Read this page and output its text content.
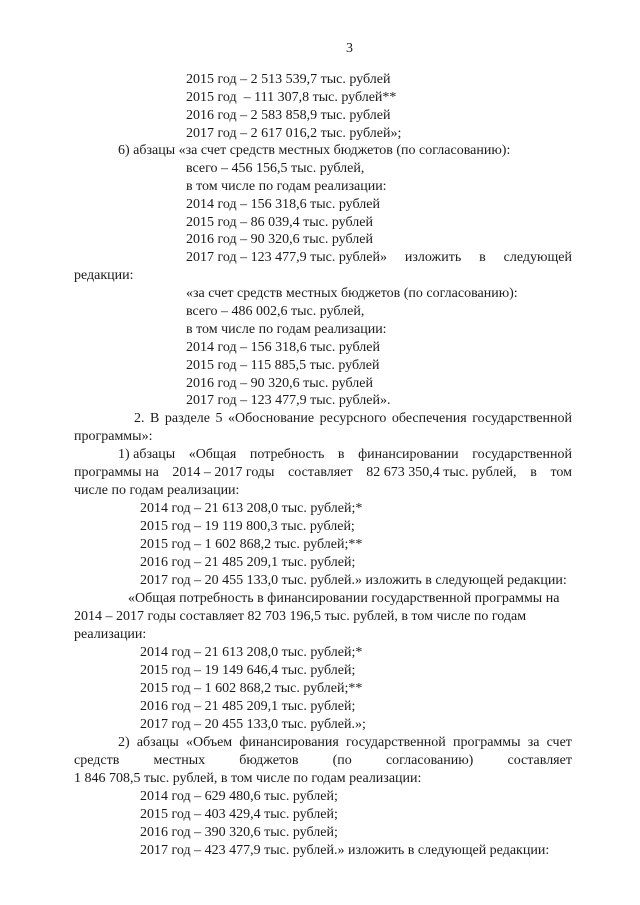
3
2015 год – 2 513 539,7 тыс. рублей
2015 год  – 111 307,8 тыс. рублей**
2016 год – 2 583 858,9 тыс. рублей
2017 год – 2 617 016,2 тыс. рублей»;
6) абзацы «за счет средств местных бюджетов (по согласованию):
всего – 456 156,5 тыс. рублей,
в том числе по годам реализации:
2014 год – 156 318,6 тыс. рублей
2015 год – 86 039,4 тыс. рублей
2016 год – 90 320,6 тыс. рублей
2017 год – 123 477,9 тыс. рублей» изложить в следующей
редакции:
«за счет средств местных бюджетов (по согласованию):
всего – 486 002,6 тыс. рублей,
в том числе по годам реализации:
2014 год – 156 318,6 тыс. рублей
2015 год – 115 885,5 тыс. рублей
2016 год – 90 320,6 тыс. рублей
2017 год – 123 477,9 тыс. рублей».
2. В разделе 5 «Обоснование ресурсного обеспечения государственной
программы»:
1) абзацы «Общая потребность в финансировании государственной
программы на 2014 – 2017 годы составляет 82 673 350,4 тыс. рублей, в том
числе по годам реализации:
2014 год – 21 613 208,0 тыс. рублей;*
2015 год – 19 119 800,3 тыс. рублей;
2015 год – 1 602 868,2 тыс. рублей;**
2016 год – 21 485 209,1 тыс. рублей;
2017 год – 20 455 133,0 тыс. рублей.» изложить в следующей редакции:
«Общая потребность в финансировании государственной программы на
2014 – 2017 годы составляет 82 703 196,5 тыс. рублей, в том числе по годам
реализации:
2014 год – 21 613 208,0 тыс. рублей;*
2015 год – 19 149 646,4 тыс. рублей;
2015 год – 1 602 868,2 тыс. рублей;**
2016 год – 21 485 209,1 тыс. рублей;
2017 год – 20 455 133,0 тыс. рублей.»;
2) абзацы «Объем финансирования государственной программы за счет
средств местных бюджетов (по согласованию) составляет
1 846 708,5 тыс. рублей, в том числе по годам реализации:
2014 год – 629 480,6 тыс. рублей;
2015 год – 403 429,4 тыс. рублей;
2016 год – 390 320,6 тыс. рублей;
2017 год – 423 477,9 тыс. рублей.» изложить в следующей редакции:
